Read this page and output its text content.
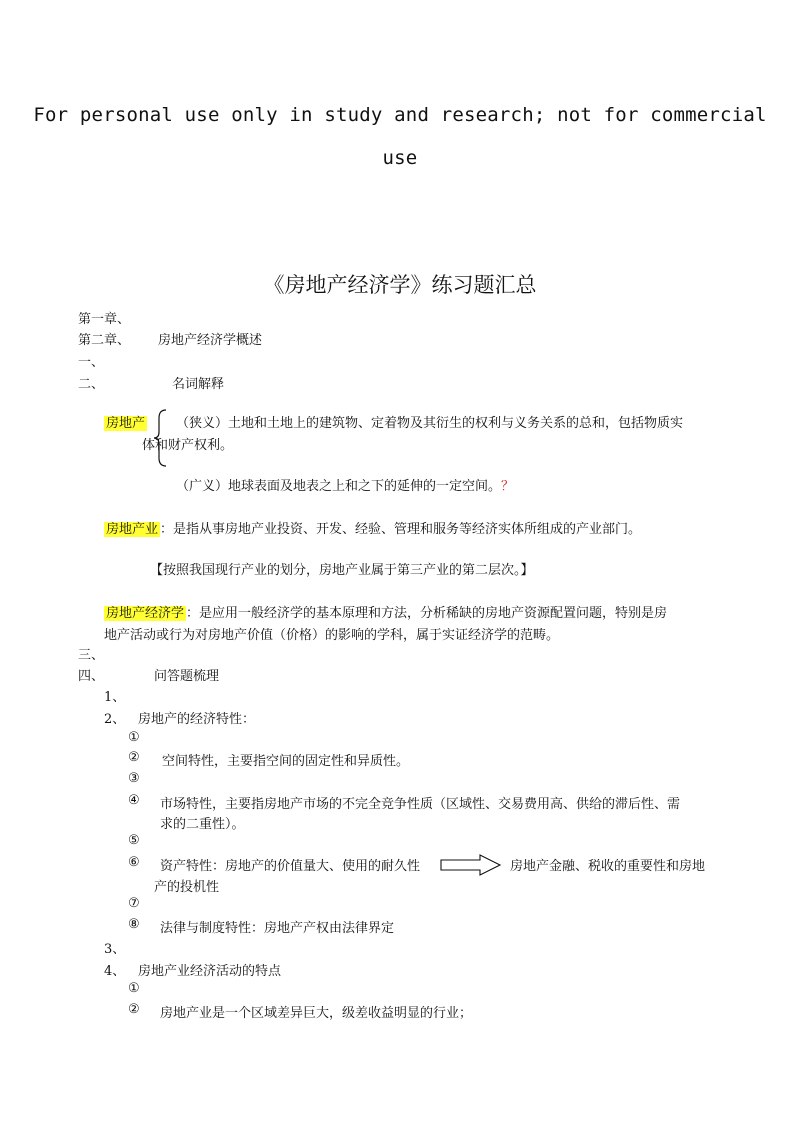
For personal use only in study and research; not for commercial
use
《房地产经济学》练习题汇总
第一章、
第二章、 房地产经济学概述
一、
二、	名词解释
房地产 （狭义）土地和土地上的建筑物、定着物及其衍生的权利与义务关系的总和，包括物质实
体和财产权利。
（广义）地球表面及地表之上和之下的延伸的一定空间。？
房地产业 ：是指从事房地产业投资、开发、经验、管理和服务等经济实体所组成的产业部门。
【按照我国现行产业的划分，房地产业属于第三产业的第二层次。】
房地产经济学 ：是应用一般经济学的基本原理和方法，分析稀缺的房地产资源配置问题，特别是房
地产活动或行为对房地产价值（价格）的影响的学科，属于实证经济学的范畴。
三、
四、	问答题梳理
1、
2、 房地产的经济特性：
①
② 空间特性，主要指空间的固定性和异质性。
③
④ 市场特性，主要指房地产市场的不完全竞争性质（区域性、交易费用高、供给的滞后性、需
求的二重性）。
⑤
⑥ 资产特性：房地产的价值量大、使用的耐久性	房地产金融、税收的重要性和房地
产的投机性
⑦
⑧ 法律与制度特性：房地产产权由法律界定
3、
4、 房地产业经济活动的特点
①
② 房地产业是一个区域差异巨大，级差收益明显的行业；
